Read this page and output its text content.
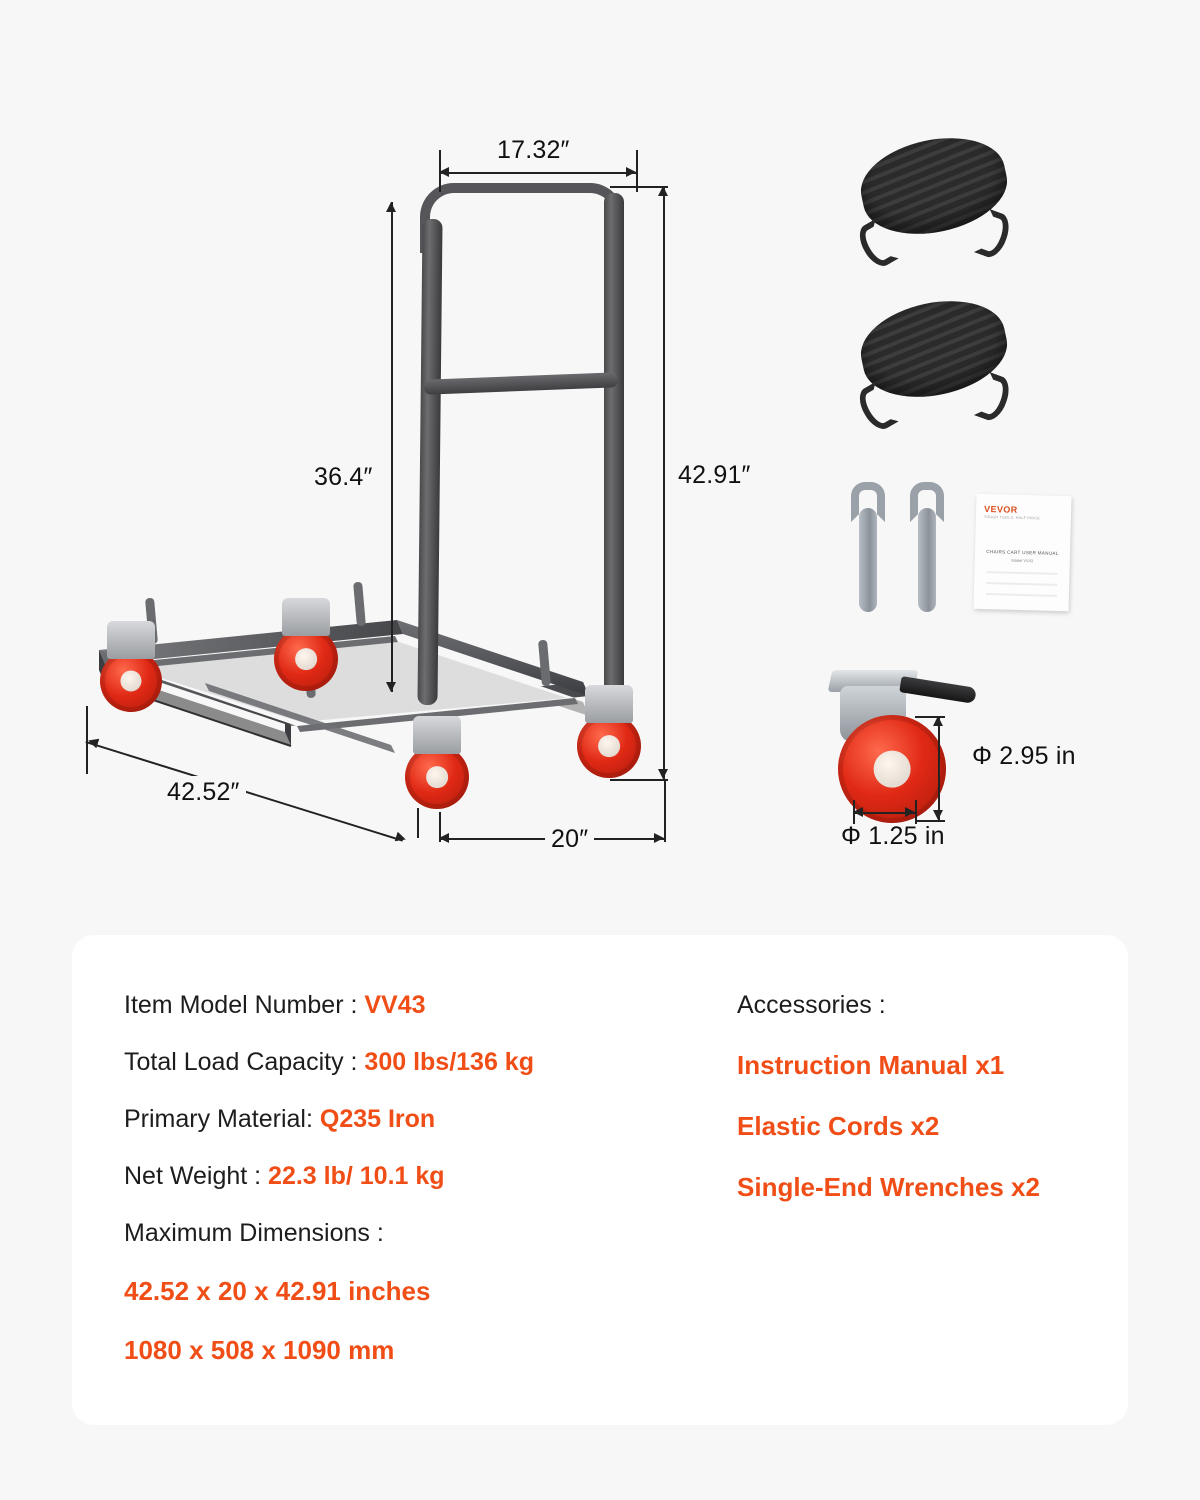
17.32″
36.4″	42.91″
42.52″
20″
VEVOR
TOUGH TOOLS, HALF PRICE
CHAIRS CART USER MANUAL
Model VV43
Φ 2.95 in
Φ 1.25 in
Item Model Number : VV43
Total Load Capacity : 300 lbs/136 kg
Primary Material: Q235 Iron
Net Weight : 22.3 lb/ 10.1 kg
Maximum Dimensions :
42.52 x 20 x 42.91 inches
1080 x 508 x 1090 mm
Accessories :
Instruction Manual x1
Elastic Cords x2
Single-End Wrenches x2
